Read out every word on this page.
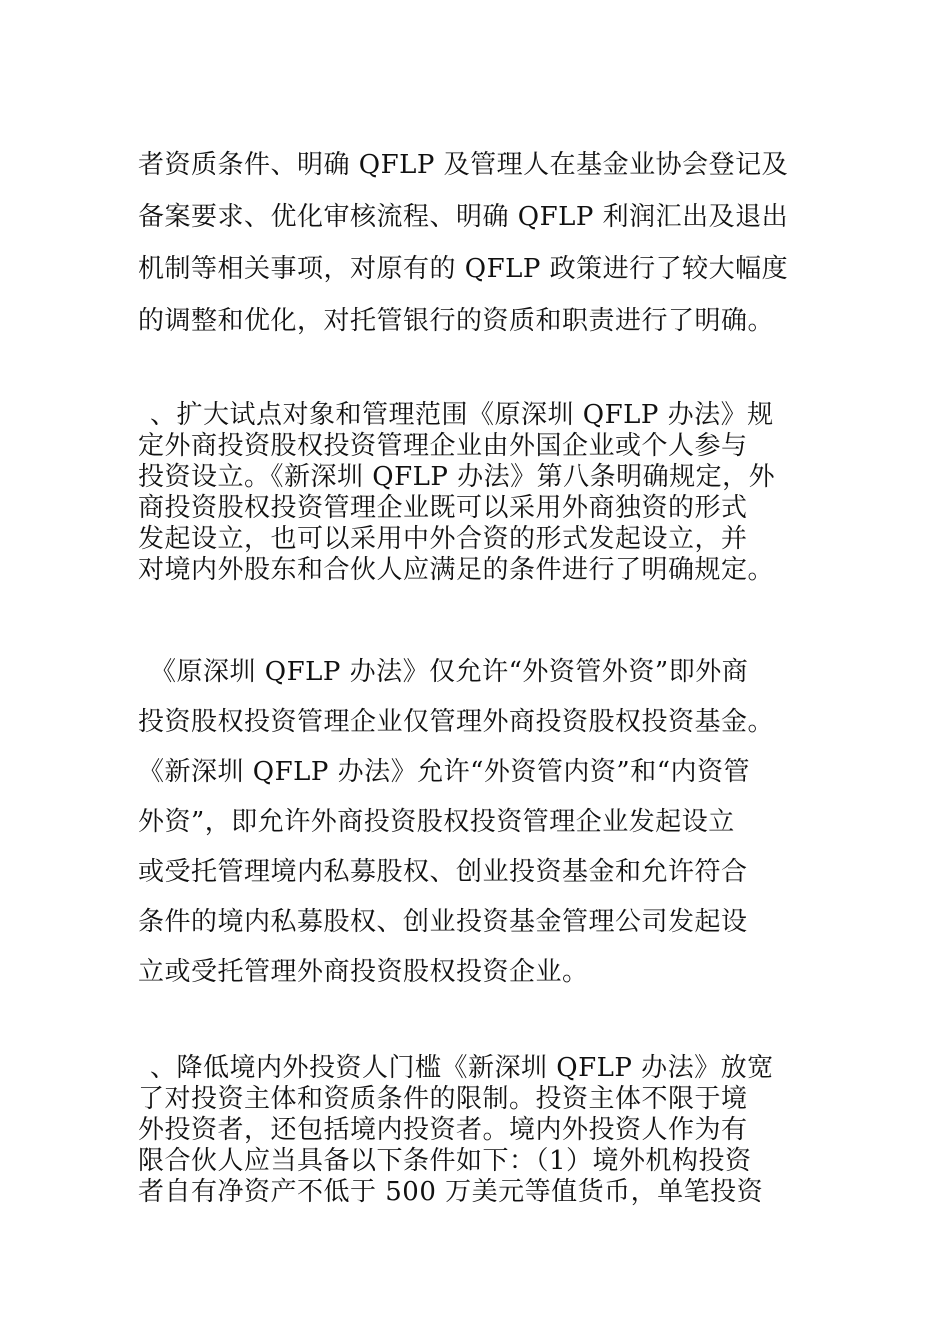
者资质条件、明确 QFLP 及管理人在基金业协会登记及
备案要求、优化审核流程、明确 QFLP 利润汇出及退出
机制等相关事项，对原有的 QFLP 政策进行了较大幅度
的调整和优化，对托管银行的资质和职责进行了明确。
、扩大试点对象和管理范围《原深圳 QFLP 办法》规
定外商投资股权投资管理企业由外国企业或个人参与
投资设立。《新深圳 QFLP 办法》第八条明确规定，外
商投资股权投资管理企业既可以采用外商独资的形式
发起设立，也可以采用中外合资的形式发起设立，并
对境内外股东和合伙人应满足的条件进行了明确规定。
《原深圳 QFLP 办法》仅允许“外资管外资”即外商
投资股权投资管理企业仅管理外商投资股权投资基金。
《新深圳 QFLP 办法》允许“外资管内资”和“内资管
外资”，即允许外商投资股权投资管理企业发起设立
或受托管理境内私募股权、创业投资基金和允许符合
条件的境内私募股权、创业投资基金管理公司发起设
立或受托管理外商投资股权投资企业。
、降低境内外投资人门槛《新深圳 QFLP 办法》放宽
了对投资主体和资质条件的限制。投资主体不限于境
外投资者，还包括境内投资者。境内外投资人作为有
限合伙人应当具备以下条件如下：（1）境外机构投资
者自有净资产不低于 500 万美元等值货币，单笔投资
